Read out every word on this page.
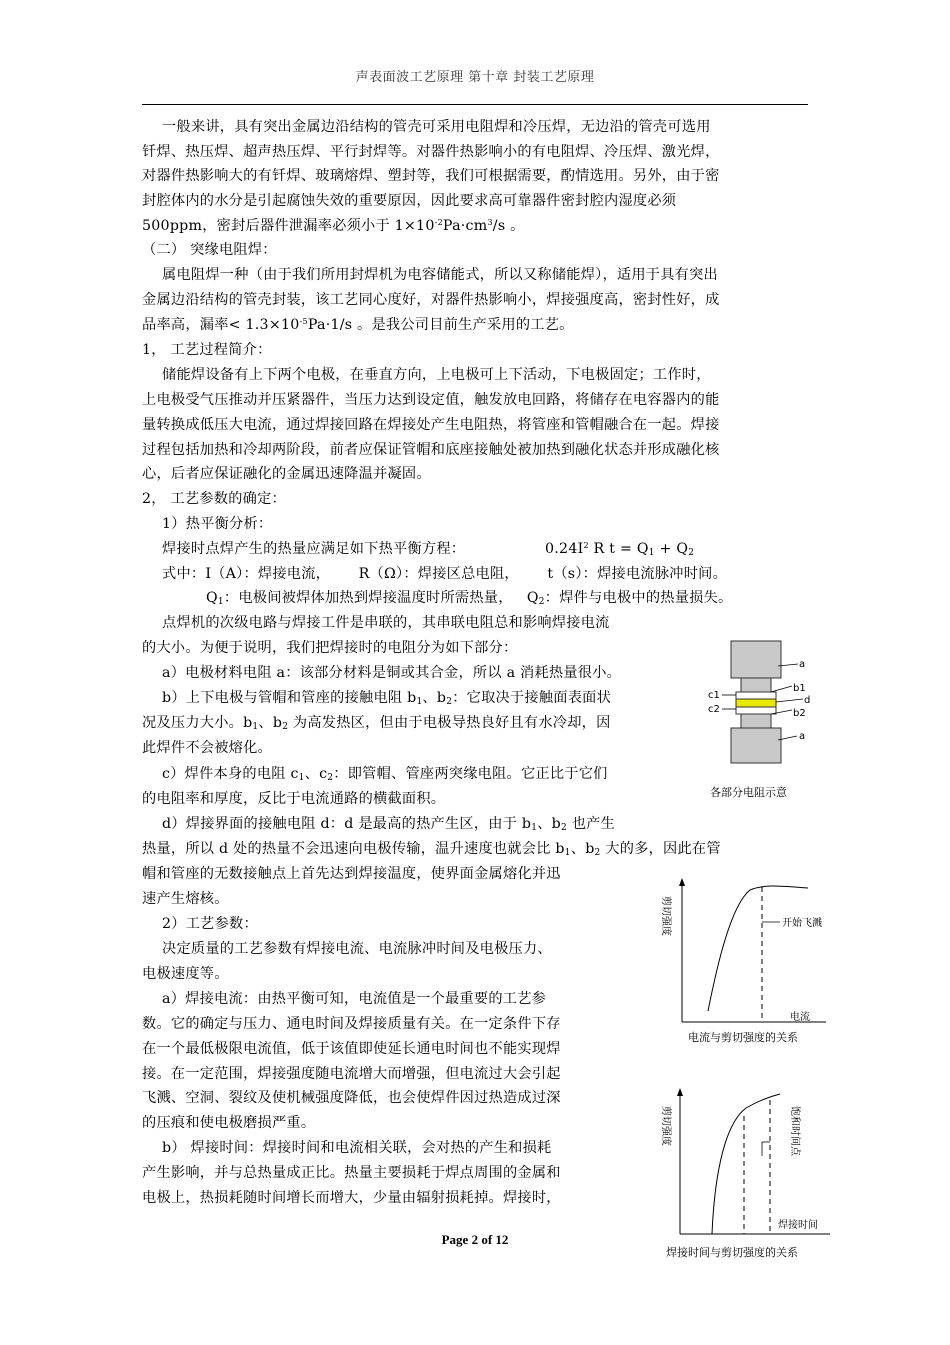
声表面波工艺原理 第十章 封装工艺原理
一般来讲，具有突出金属边沿结构的管壳可采用电阻焊和冷压焊，无边沿的管壳可选用
钎焊、热压焊、超声热压焊、平行封焊等。对器件热影响小的有电阻焊、冷压焊、激光焊，
对器件热影响大的有钎焊、玻璃熔焊、塑封等，我们可根据需要，酌情选用。另外，由于密
封腔体内的水分是引起腐蚀失效的重要原因，因此要求高可靠器件密封腔内湿度必须
500ppm，密封后器件泄漏率必须小于 $1\times 10^{-2}Pa\cdot cm^3/s$ 。
（二） 突缘电阻焊：
属电阻焊一种（由于我们所用封焊机为电容储能式，所以又称储能焊），适用于具有突出
金属边沿结构的管壳封装，该工艺同心度好，对器件热影响小，焊接强度高，密封性好，成
品率高，漏率< $1.3\times 10^{-5}Pa\cdot 1/s$ 。是我公司目前生产采用的工艺。
1， 工艺过程简介：
储能焊设备有上下两个电极，在垂直方向，上电极可上下活动，下电极固定；工作时，
上电极受气压推动并压紧器件，当压力达到设定值，触发放电回路，将储存在电容器内的能
量转换成低压大电流，通过焊接回路在焊接处产生电阻热，将管座和管帽融合在一起。焊接
过程包括加热和冷却两阶段，前者应保证管帽和底座接触处被加热到融化状态并形成融化核
心，后者应保证融化的金属迅速降温并凝固。
2， 工艺参数的确定：
1）热平衡分析：
焊接时点焊产生的热量应满足如下热平衡方程：	$0.24I^2$ R $t = Q_1 + Q_2$
式中：I（A）：焊接电流，      R（Ω）：焊接区总电阻，      t（s）：焊接电流脉冲时间。
$Q_1$：电极间被焊体加热到焊接温度时所需热量，   $Q_2$：焊件与电极中的热量损失。
点焊机的次级电路与焊接工件是串联的，其串联电阻总和影响焊接电流
的大小。为便于说明，我们把焊接时的电阻分为如下部分：
a）电极材料电阻 a：该部分材料是铜或其合金，所以 a 消耗热量很小。
b）上下电极与管帽和管座的接触电阻 $b_1$、$b_2$：它取决于接触面表面状
况及压力大小。$b_1$、$b_2$ 为高发热区，但由于电极导热良好且有水冷却，因
此焊件不会被熔化。
c）焊件本身的电阻 $c_1$、$c_2$：即管帽、管座两突缘电阻。它正比于它们
的电阻率和厚度，反比于电流通路的横截面积。
d）焊接界面的接触电阻 d：d 是最高的热产生区，由于 $b_1$、$b_2$ 也产生
热量，所以 d 处的热量不会迅速向电极传输，温升速度也就会比 $b_1$、$b_2$ 大的多，因此在管
帽和管座的无数接触点上首先达到焊接温度，使界面金属熔化并迅
速产生熔核。
2）工艺参数：
决定质量的工艺参数有焊接电流、电流脉冲时间及电极压力、
电极速度等。
a）焊接电流：由热平衡可知，电流值是一个最重要的工艺参
数。它的确定与压力、通电时间及焊接质量有关。在一定条件下存
在一个最低极限电流值，低于该值即使延长通电时间也不能实现焊
接。在一定范围，焊接强度随电流增大而增强，但电流过大会引起
飞溅、空洞、裂纹及使机械强度降低，也会使焊件因过热造成过深
的压痕和使电极磨损严重。
b） 焊接时间：焊接时间和电流相关联，会对热的产生和损耗
产生影响，并与总热量成正比。热量主要损耗于焊点周围的金属和
电极上，热损耗随时间增长而增大，少量由辐射损耗掉。焊接时，
a
b1
d
c1
c2	b2
a
各部分电阻示意
开始飞溅
电流
剪切强度
电流与剪切强度的关系
饱和时间点
焊接时间
剪切强度
焊接时间与剪切强度的关系
Page 2 of 12
